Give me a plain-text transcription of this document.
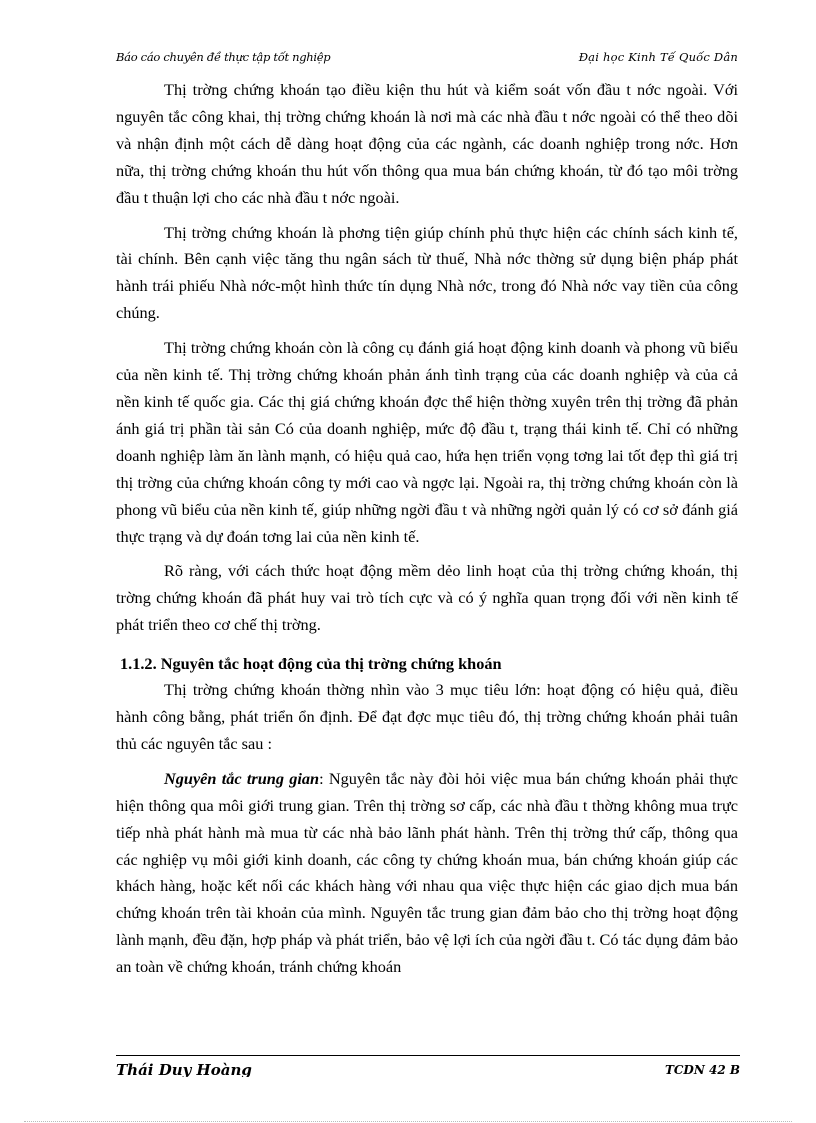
Báo cáo chuyên đề thực tập tốt nghiệp	Đại học Kinh Tế Quốc Dân

Thị trờng chứng khoán tạo điều kiện thu hút và kiểm soát vốn đầu t nớc ngoài. Với nguyên tắc công khai, thị trờng chứng khoán là nơi mà các nhà đầu t nớc ngoài có thể theo dõi và nhận định một cách dễ dàng hoạt động của các ngành, các doanh nghiệp trong nớc. Hơn nữa, thị trờng chứng khoán thu hút vốn thông qua mua bán chứng khoán, từ đó tạo môi trờng đầu t thuận lợi cho các nhà đầu t nớc ngoài.

Thị trờng chứng khoán là phơng tiện giúp chính phủ thực hiện các chính sách kinh tế, tài chính. Bên cạnh việc tăng thu ngân sách từ thuế, Nhà nớc thờng sử dụng biện pháp phát hành trái phiếu Nhà nớc-một hình thức tín dụng Nhà nớc, trong đó Nhà nớc vay tiền của công chúng.

Thị trờng chứng khoán còn là công cụ đánh giá hoạt động kinh doanh và phong vũ biểu của nền kinh tế. Thị trờng chứng khoán phản ánh tình trạng của các doanh nghiệp và của cả nền kinh tế quốc gia. Các thị giá chứng khoán đợc thể hiện thờng xuyên trên thị trờng đã phản ánh giá trị phần tài sản Có của doanh nghiệp, mức độ đầu t, trạng thái kinh tế. Chỉ có những doanh nghiệp làm ăn lành mạnh, có hiệu quả cao, hứa hẹn triển vọng tơng lai tốt đẹp thì giá trị thị trờng của chứng khoán công ty mới cao và ngợc lại. Ngoài ra, thị trờng chứng khoán còn là phong vũ biểu của nền kinh tế, giúp những ngời đầu t và những ngời quản lý có cơ sở đánh giá thực trạng và dự đoán tơng lai của nền kinh tế.

Rõ ràng, với cách thức hoạt động mềm dẻo linh hoạt của thị trờng chứng khoán, thị trờng chứng khoán đã phát huy vai trò tích cực và có ý nghĩa quan trọng đối với nền kinh tế phát triển theo cơ chế thị trờng.

1.1.2. Nguyên tắc hoạt động của thị trờng chứng khoán

Thị trờng chứng khoán thờng nhìn vào 3 mục tiêu lớn: hoạt động có hiệu quả, điều hành công bằng, phát triển ổn định. Để đạt đợc mục tiêu đó, thị trờng chứng khoán phải tuân thủ các nguyên tắc sau :

Nguyên tắc trung gian: Nguyên tắc này đòi hỏi việc mua bán chứng khoán phải thực hiện thông qua môi giới trung gian. Trên thị trờng sơ cấp, các nhà đầu t thờng không mua trực tiếp nhà phát hành mà mua từ các nhà bảo lãnh phát hành. Trên thị trờng thứ cấp, thông qua các nghiệp vụ môi giới kinh doanh, các công ty chứng khoán mua, bán chứng khoán giúp các khách hàng, hoặc kết nối các khách hàng với nhau qua việc thực hiện các giao dịch mua bán chứng khoán trên tài khoản của mình. Nguyên tắc trung gian đảm bảo cho thị trờng hoạt động lành mạnh, đều đặn, hợp pháp và phát triển, bảo vệ lợi ích của ngời đầu t. Có tác dụng đảm bảo an toàn về chứng khoán, tránh chứng khoán

Thái Duy Hoàng	TCDN 42 B
